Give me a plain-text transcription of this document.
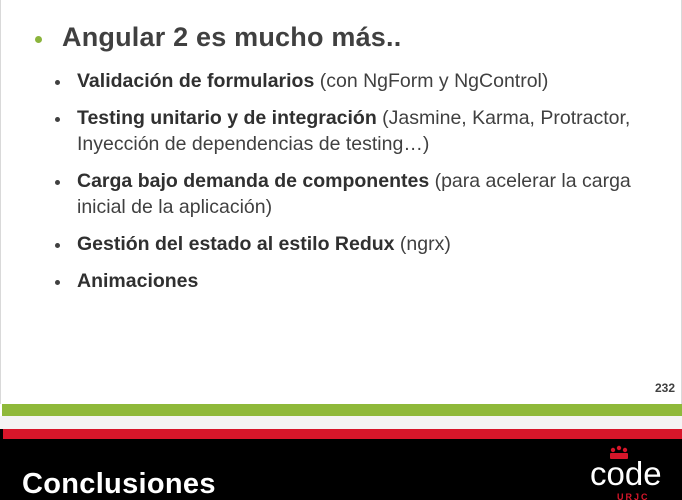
Angular 2 es mucho más..
Validación de formularios (con NgForm y NgControl)
Testing unitario y de integración (Jasmine, Karma, Protractor, Inyección de dependencias de testing…)
Carga bajo demanda de componentes (para acelerar la carga inicial de la aplicación)
Gestión del estado al estilo Redux (ngrx)
Animaciones
232
Conclusiones	code
URJC
